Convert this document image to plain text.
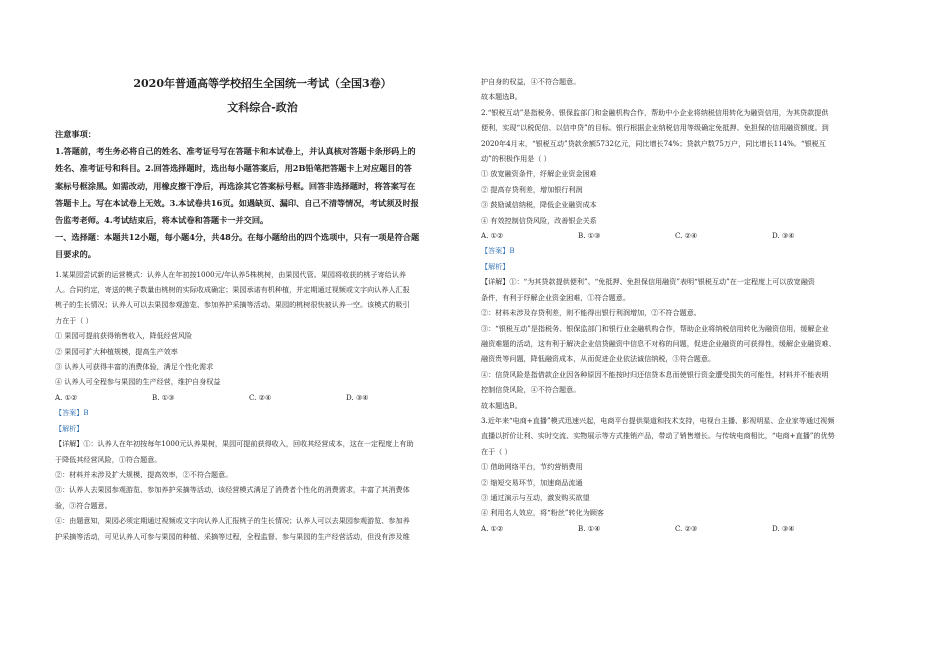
2020年普通高等学校招生全国统一考试（全国3卷）

文科综合-政治

注意事项：

1.答题前，考生务必将自己的姓名、准考证号写在答题卡和本试卷上，并认真核对答题卡条形码上的

姓名、准考证号和科目。2.回答选择题时，选出每小题答案后，用2B铅笔把答题卡上对应题目的答

案标号框涂黑。如需改动，用橡皮擦干净后，再选涂其它答案标号框。回答非选择题时，将答案写在

答题卡上。写在本试卷上无效。3.本试卷共16页。如遇缺页、漏印、自己不清等情况，考试须及时报

告监考老师。4.考试结束后，将本试卷和答题卡一并交回。

一、选择题：本题共12小题，每小题4分，共48分。在每小题给出的四个选项中，只有一项是符合题

目要求的。

1.某果园尝试新的运营模式：认养人在年初按1000元/年认养5株桃树，由果园代管。果园将收获的桃子寄给认养

人。合同约定，寄送的桃子数量由桃树的实际收成确定；果园承诺有机种植，并定期通过视频或文字向认养人汇报

桃子的生长情况；认养人可以去果园参观游览、参加养护采摘等活动。果园的桃树很快被认养一空。该模式的吸引

力在于（ ）

① 果园可提前获得销售收入，降低经营风险

② 果园可扩大种植规模，提高生产效率

③ 认养人可获得丰富的消费体验，满足个性化需求

④ 认养人可全程参与果园的生产经营，维护自身权益

A. ①②	B. ①③	C. ②④	D. ③④

【答案】B

【解析】

【详解】①：认养人在年初按每年1000元认养果树，果园可提前获得收入，回收其经营成本，这在一定程度上有助

于降低其经营风险，①符合题意。

②：材料并未涉及扩大规模、提高效率，②不符合题意。

③：认养人去果园参观游览、参加养护采摘等活动，该经营模式满足了消费者个性化的消费需求，丰富了其消费体

验，③符合题意。

④：由题意知，果园必须定期通过视频或文字向认养人汇报桃子的生长情况；认养人可以去果园参观游览、参加养

护采摘等活动，可见认养人可参与果园的种植、采摘等过程，全程监督、参与果园的生产经营活动，但没有涉及维

护自身的权益，④不符合题意。

故本题选B。

2.“银税互动”是指税务、银保监部门和金融机构合作，帮助中小企业将纳税信用转化为融资信用，为其贷款提供

便利，实现“以税促信、以信申贷”的目标。银行根据企业纳税信用等级确定免抵押、免担保的信用融资额度。到

2020年4月末，“银税互动”贷款余额5732亿元，同比增长74%；贷款户数75万户，同比增长114%。“银税互

动”的积极作用是（ ）

① 放宽融资条件，纾解企业资金困难

② 提高存贷利差，增加银行利润

③ 鼓励诚信纳税，降低企业融资成本

④ 有效控制信贷风险，改善银企关系

A. ①②	B. ①③	C. ②④	D. ③④

【答案】B

【解析】

【详解】①：“为其贷款提供便利”、“免抵押、免担保信用融资”表明“银税互动”在一定程度上可以放宽融资

条件，有利于纾解企业资金困难，①符合题意。

②：材料未涉及存贷利差，则不能得出银行利润增加，②不符合题意。

③：“银税互动”是指税务、银保监部门和银行业金融机构合作，帮助企业将纳税信用转化为融资信用，缓解企业

融资难题的活动，这有利于解决企业信贷融资中信息不对称的问题，促进企业融资的可获得性，缓解企业融资难、

融资贵等问题，降低融资成本，从而促进企业依法诚信纳税，③符合题意。

④：信贷风险是指借款企业因各种原因不能按时归还信贷本息而使银行资金遭受损失的可能性，材料并不能表明

控制信贷风险，④不符合题意。

故本题选B。

3.近年来“电商+直播”模式迅速兴起，电商平台提供渠道和技术支持，电视台主播、影视明星、企业家等通过视频

直播以折价让利、实时交流、实物展示等方式推销产品，带动了销售增长。与传统电商相比，“电商+直播”的优势

在于（ ）

① 借助网络平台，节约营销费用

② 缩短交易环节，加速商品流通

③ 通过演示与互动，激发购买欲望

④ 利用名人效应，将“粉丝”转化为顾客

A. ①②	B. ①④	C. ②③	D. ③④
